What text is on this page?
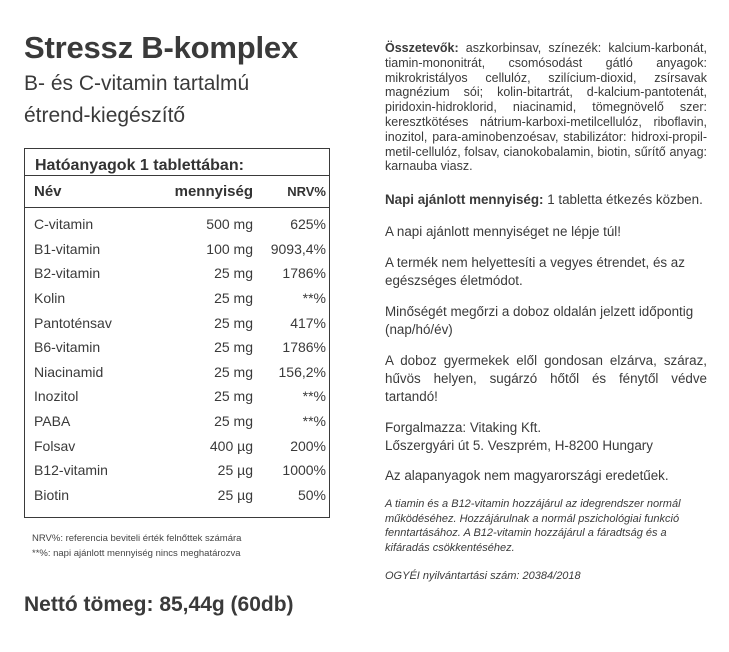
Stressz B-komplex
B- és C-vitamin tartalmú
étrend-kiegészítő
Hatóanyagok 1 tablettában:
Név	mennyiség	NRV%
C-vitamin	500 mg	625%
B1-vitamin	100 mg	9093,4%
B2-vitamin	25 mg	1786%
Kolin	25 mg	**%
Pantoténsav	25 mg	417%
B6-vitamin	25 mg	1786%
Niacinamid	25 mg	156,2%
Inozitol	25 mg	**%
PABA	25 mg	**%
Folsav	400 µg	200%
B12-vitamin	25 µg	1000%
Biotin	25 µg	50%
NRV%: referencia beviteli érték felnőttek számára
**%: napi ajánlott mennyiség nincs meghatározva
Nettó tömeg: 85,44g (60db)

Összetevők: aszkorbinsav, színezék: kalcium-karbonát, tiamin-mononitrát, csomósodást gátló anyagok: mikrokristályos cellulóz, szilícium-dioxid, zsírsavak magnézium sói; kolin-bitartrát, d-kalcium-pantotenát, piridoxin-hidroklorid, niacinamid, tömegnövelő szer: keresztkötéses nátrium-karboxi-metilcellulóz, riboflavin, inozitol, para-aminobenzoésav, stabilizátor: hidroxi-propil-metil-cellulóz, folsav, cianokobalamin, biotin, sűrítő anyag: karnauba viasz.

Napi ajánlott mennyiség: 1 tabletta étkezés közben.

A napi ajánlott mennyiséget ne lépje túl!

A termék nem helyettesíti a vegyes étrendet, és az egészséges életmódot.

Minőségét megőrzi a doboz oldalán jelzett időpontig (nap/hó/év)

A doboz gyermekek elől gondosan elzárva, száraz, hűvös helyen, sugárzó hőtől és fénytől védve tartandó!

Forgalmazza: Vitaking Kft.

Lőszergyári út 5. Veszprém, H-8200 Hungary

Az alapanyagok nem magyarországi eredetűek.

A tiamin és a B12-vitamin hozzájárul az idegrendszer normál működéséhez. Hozzájárulnak a normál pszichológiai funkció fenntartásához. A B12-vitamin hozzájárul a fáradtság és a kifáradás csökkentéséhez.

OGYÉI nyilvántartási szám: 20384/2018
